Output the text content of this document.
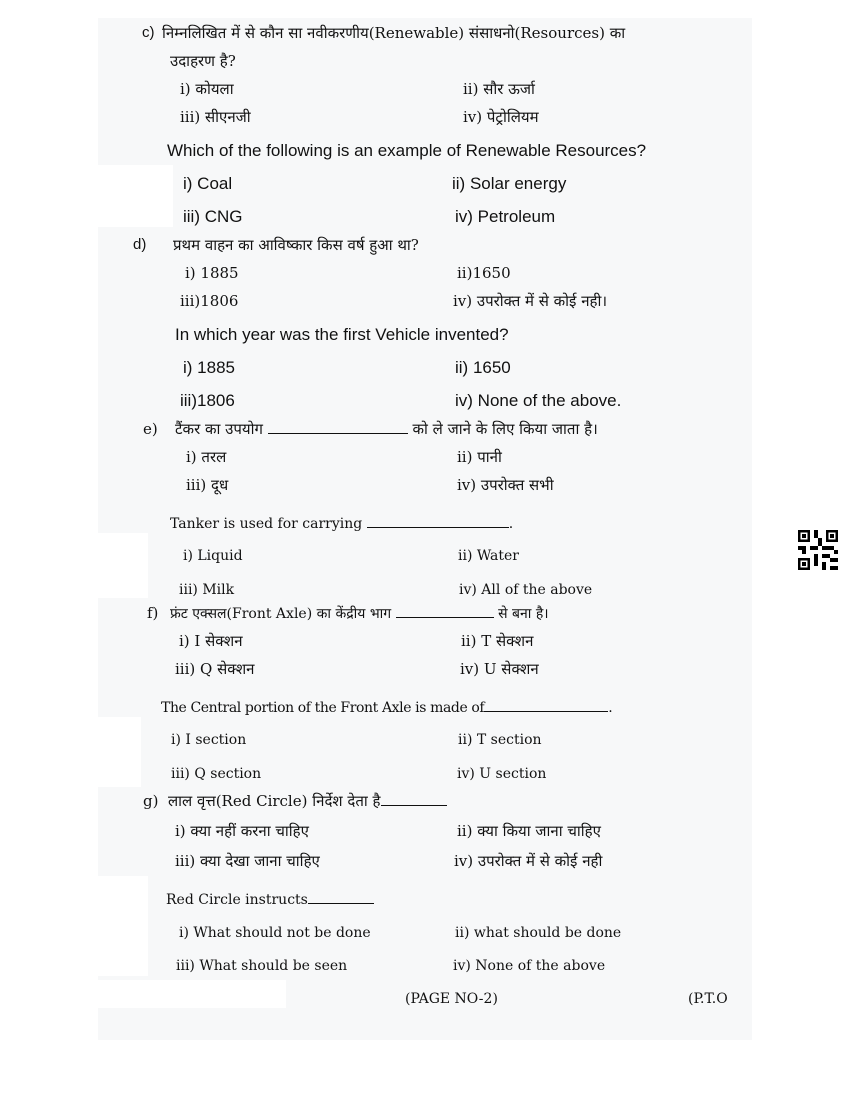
c) निम्नलिखित में से कौन सा नवीकरणीय(Renewable) संसाधनो(Resources) का
उदाहरण है?
i) कोयला	ii) सौर ऊर्जा
iii) सीएनजी	iv) पेट्रोलियम
Which of the following is an example of Renewable Resources?
i) Coal	ii) Solar energy
iii) CNG	iv) Petroleum
d) प्रथम वाहन का आविष्कार किस वर्ष हुआ था?
i) 1885	ii)1650
iii)1806	iv) उपरोक्त में से कोई नही।
In which year was the first Vehicle invented?
i) 1885	ii) 1650
iii)1806	iv) None of the above.
e) टैंकर का उपयोग	को ले जाने के लिए किया जाता है।
i) तरल	ii) पानी
iii) दूध	iv) उपरोक्त सभी
Tanker is used for carrying	.
i) Liquid	ii) Water
iii) Milk	iv) All of the above
f) फ्रंट एक्सल(Front Axle) का केंद्रीय भाग	से बना है।
i) I सेक्शन	ii) T सेक्शन
iii) Q सेक्शन	iv) U सेक्शन
The Central portion of the Front Axle is made of	.
i) I section	ii) T section
iii) Q section	iv) U section
g) लाल वृत्त(Red Circle) निर्देश देता है
i) क्या नहीं करना चाहिए	ii) क्या किया जाना चाहिए
iii) क्या देखा जाना चाहिए	iv) उपरोक्त में से कोई नही
Red Circle instructs
i) What should not be done	ii) what should be done
iii) What should be seen	iv) None of the above
(PAGE NO-2)	(P.T.O
